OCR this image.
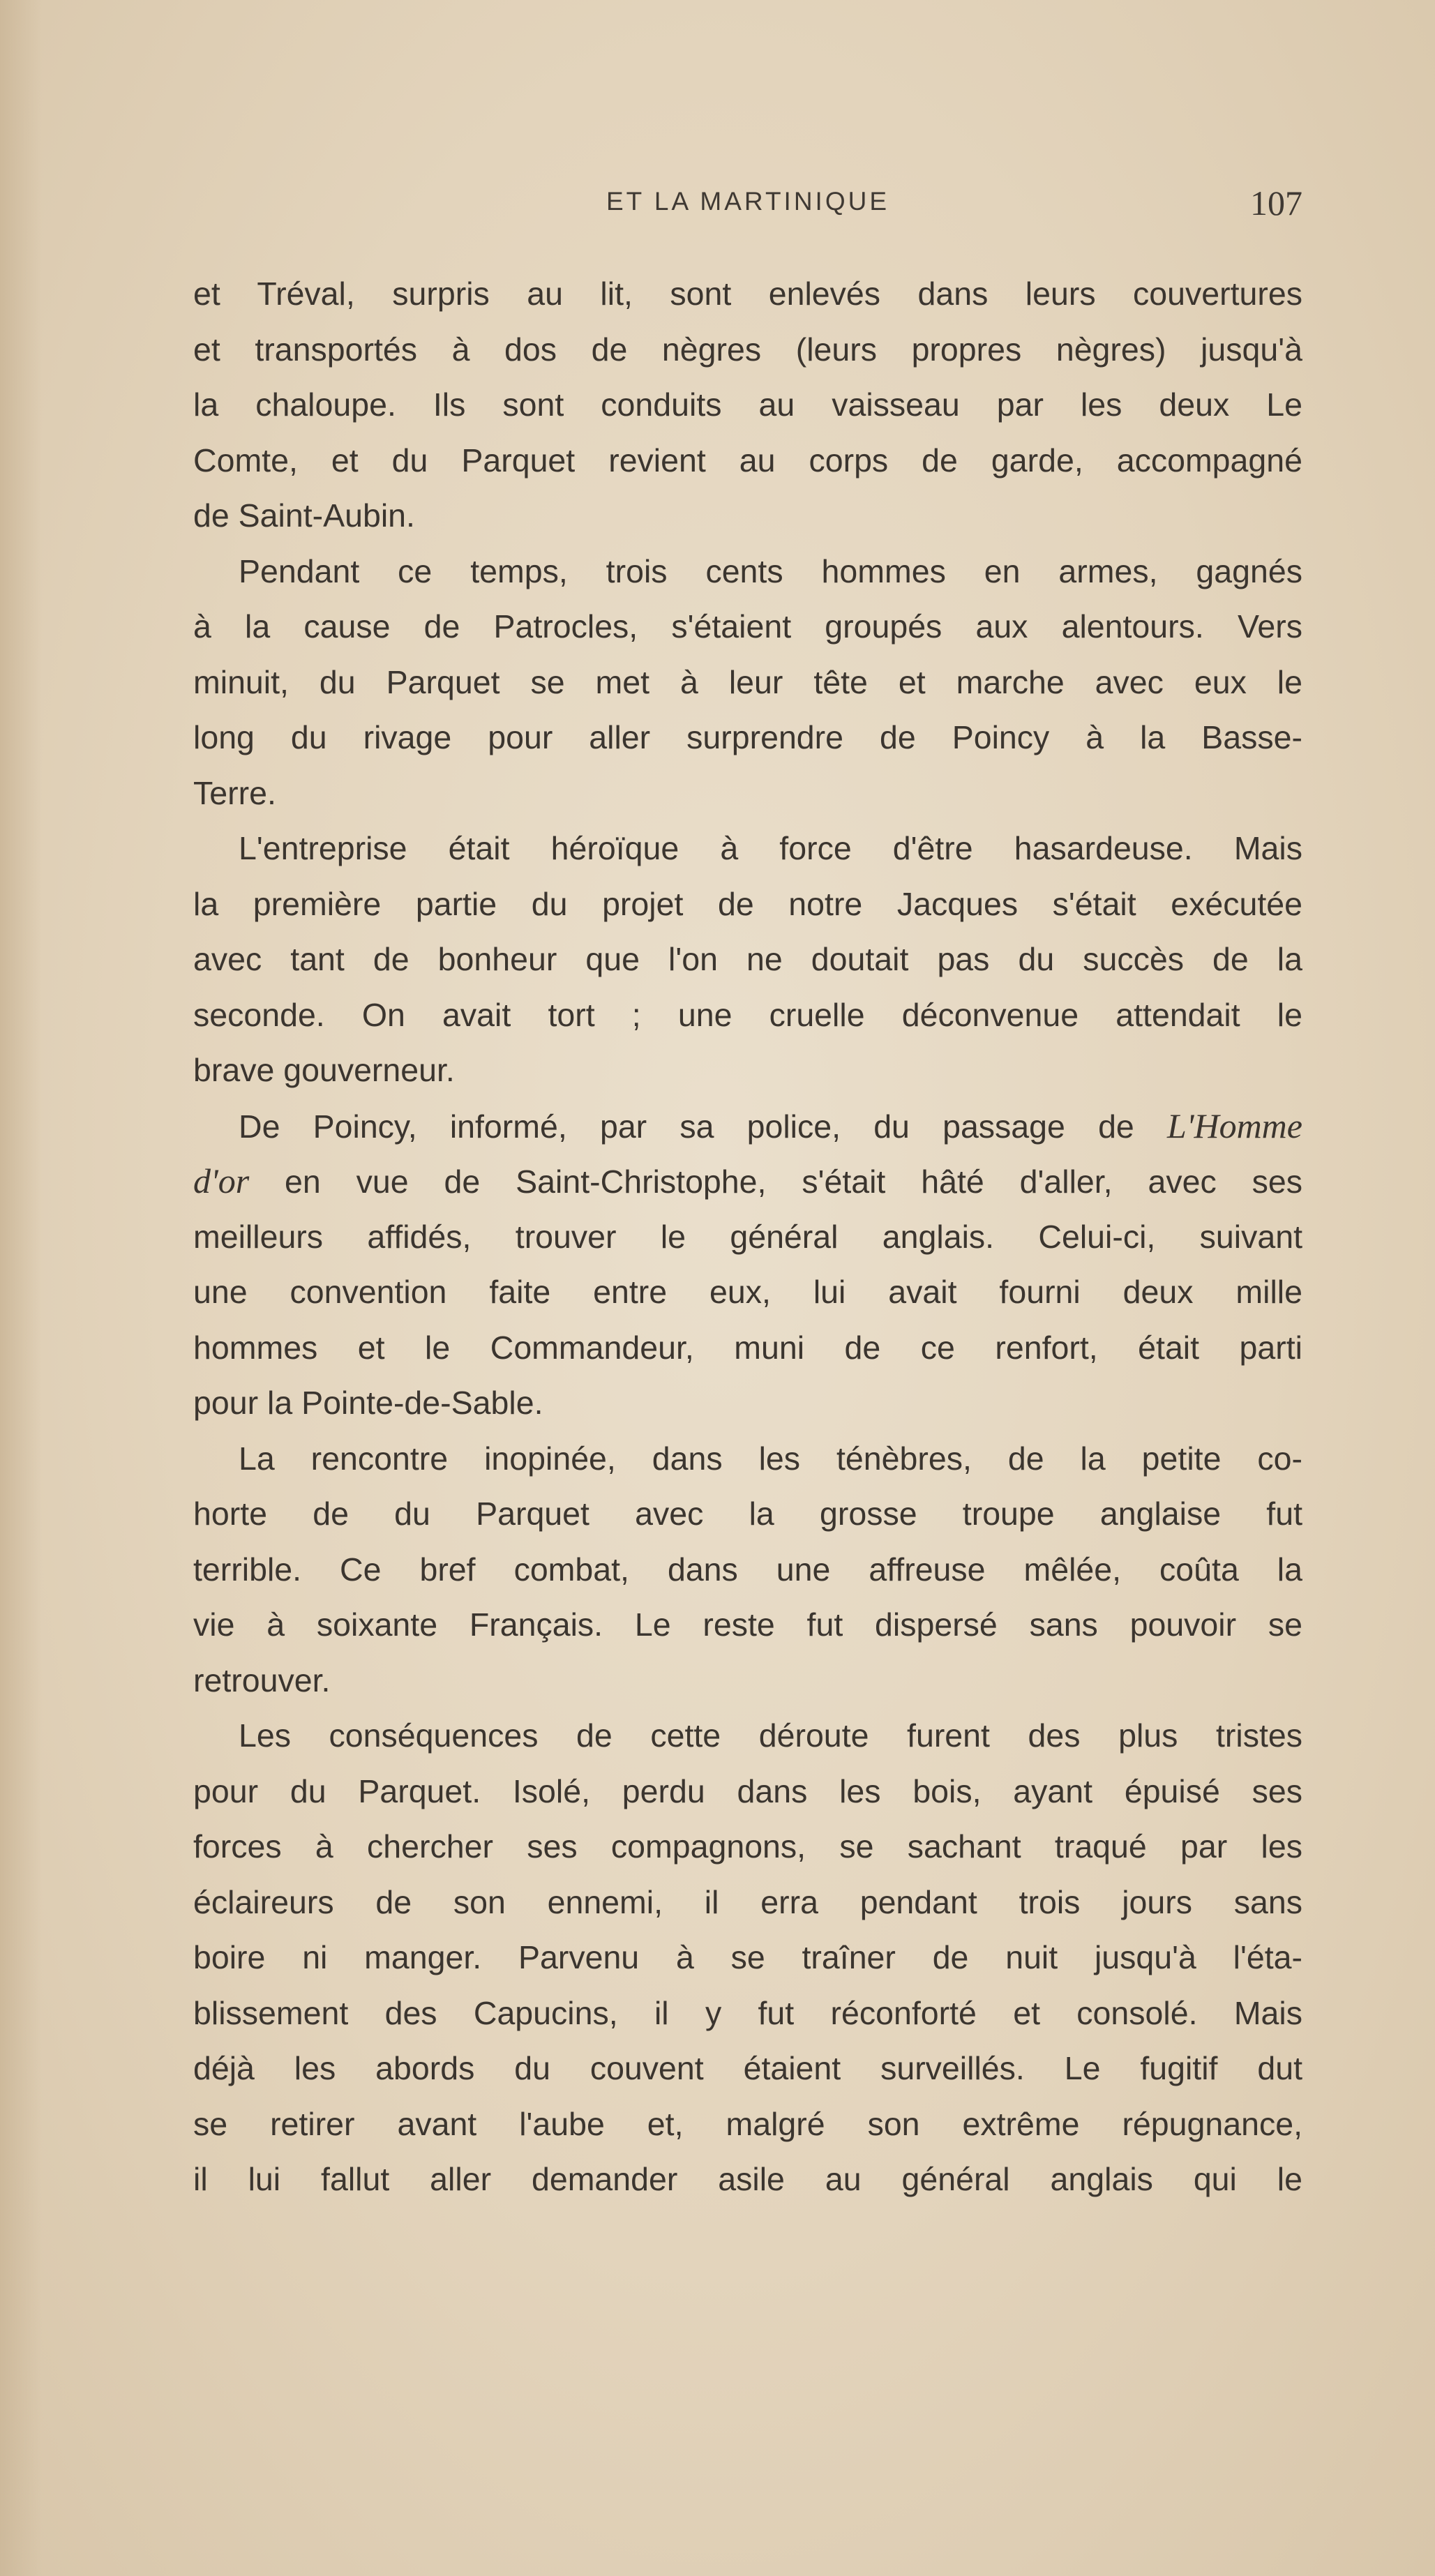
ET LA MARTINIQUE	107
et Tréval, surpris au lit, sont enlevés dans leurs couvertures
et transportés à dos de nègres (leurs propres nègres) jusqu'à
la chaloupe. Ils sont conduits au vaisseau par les deux Le
Comte, et du Parquet revient au corps de garde, accompagné
de Saint-Aubin.
Pendant ce temps, trois cents hommes en armes, gagnés
à la cause de Patrocles, s'étaient groupés aux alentours. Vers
minuit, du Parquet se met à leur tête et marche avec eux le
long du rivage pour aller surprendre de Poincy à la Basse-
Terre.
L'entreprise était héroïque à force d'être hasardeuse. Mais
la première partie du projet de notre Jacques s'était exécutée
avec tant de bonheur que l'on ne doutait pas du succès de la
seconde. On avait tort ; une cruelle déconvenue attendait le
brave gouverneur.
De Poincy, informé, par sa police, du passage de L'Homme
d'or en vue de Saint-Christophe, s'était hâté d'aller, avec ses
meilleurs affidés, trouver le général anglais. Celui-ci, suivant
une convention faite entre eux, lui avait fourni deux mille
hommes et le Commandeur, muni de ce renfort, était parti
pour la Pointe-de-Sable.
La rencontre inopinée, dans les ténèbres, de la petite co-
horte de du Parquet avec la grosse troupe anglaise fut
terrible. Ce bref combat, dans une affreuse mêlée, coûta la
vie à soixante Français. Le reste fut dispersé sans pouvoir se
retrouver.
Les conséquences de cette déroute furent des plus tristes
pour du Parquet. Isolé, perdu dans les bois, ayant épuisé ses
forces à chercher ses compagnons, se sachant traqué par les
éclaireurs de son ennemi, il erra pendant trois jours sans
boire ni manger. Parvenu à se traîner de nuit jusqu'à l'éta-
blissement des Capucins, il y fut réconforté et consolé. Mais
déjà les abords du couvent étaient surveillés. Le fugitif dut
se retirer avant l'aube et, malgré son extrême répugnance,
il lui fallut aller demander asile au général anglais qui le
